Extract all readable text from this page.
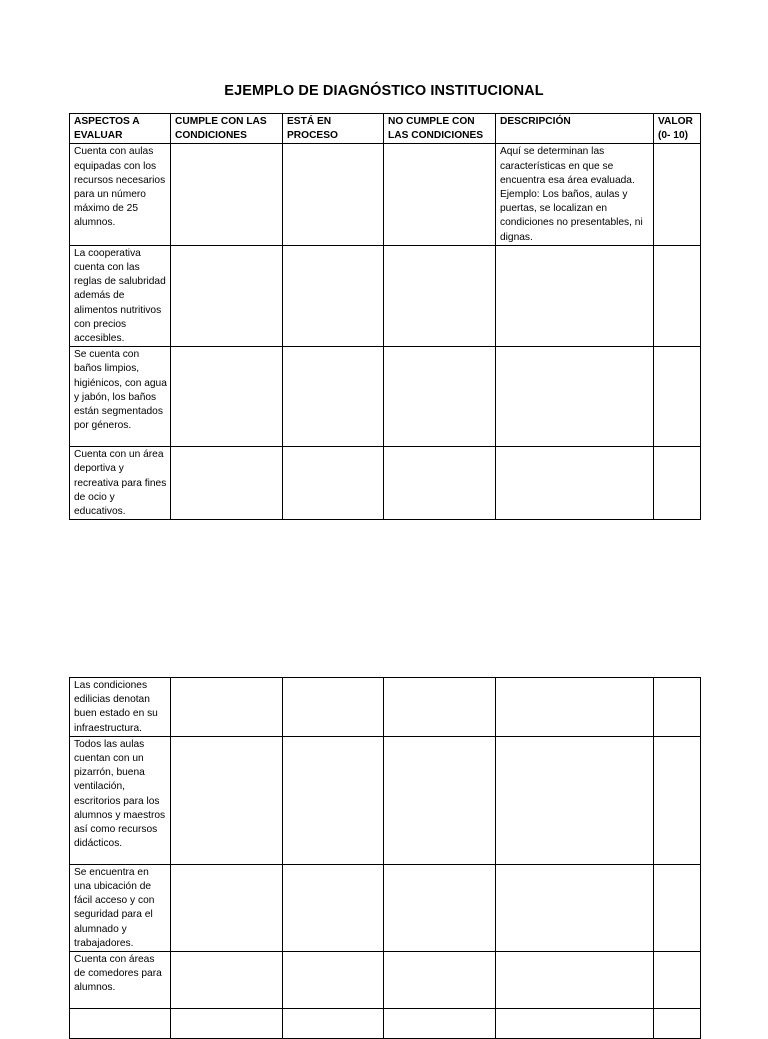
EJEMPLO DE DIAGNÓSTICO INSTITUCIONAL
ASPECTOS A EVALUAR	CUMPLE CON LAS CONDICIONES	ESTÁ EN PROCESO	NO CUMPLE CON LAS CONDICIONES	DESCRIPCIÓN	VALOR (0- 10)
Cuenta con aulas equipadas con los recursos necesarios para un número máximo de 25 alumnos.				Aquí se determinan las características en que se encuentra esa área evaluada. Ejemplo: Los baños, aulas y puertas, se localizan en condiciones no presentables, ni dignas.	
La cooperativa cuenta con las reglas de salubridad además de alimentos nutritivos con precios accesibles.					
Se cuenta con baños limpios, higiénicos, con agua y jabón, los baños están segmentados por géneros.					
Cuenta con un área deportiva y recreativa para fines de ocio y educativos.					
Las condiciones edilicias denotan buen estado en su infraestructura.					
Todos las aulas cuentan con un pizarrón, buena ventilación, escritorios para los alumnos y maestros así como recursos didácticos.					
Se encuentra en una ubicación de fácil acceso y con seguridad para el alumnado y trabajadores.					
Cuenta con áreas de comedores para alumnos.					
